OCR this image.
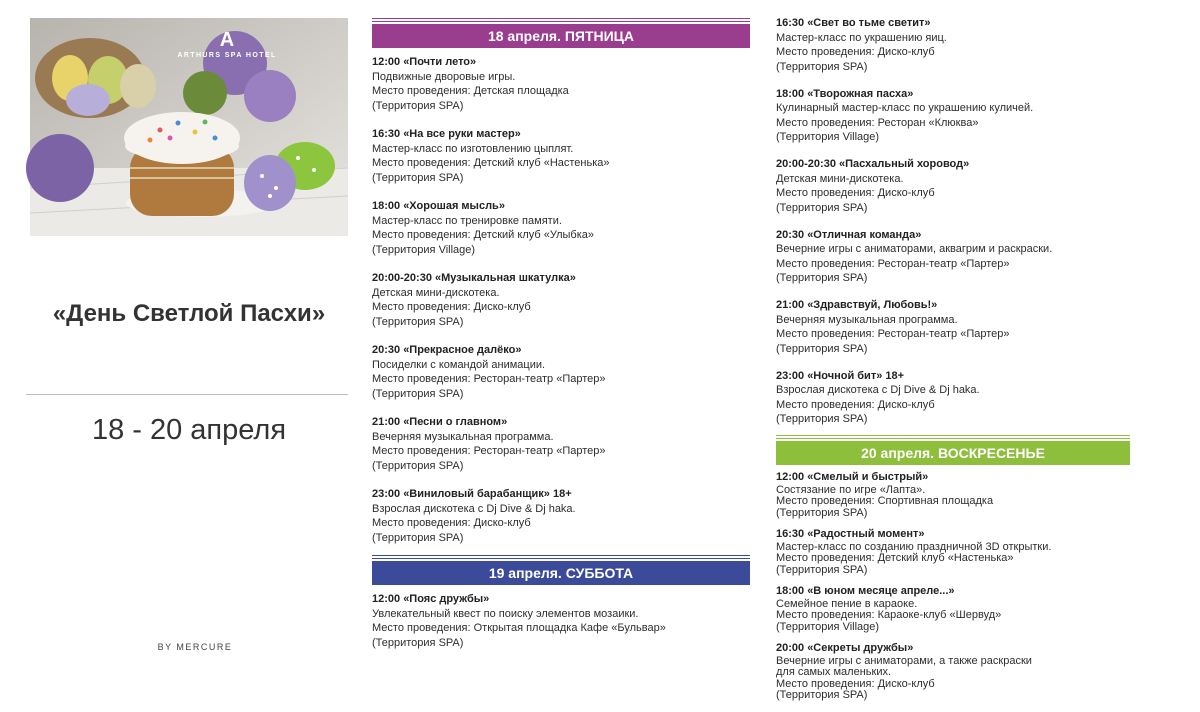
A
ARTHURS SPA HOTEL
«День Светлой Пасхи»
18 - 20 апреля
BY MERCURE
18 апреля. ПЯТНИЦА
12:00 «Почти лето»
Подвижные дворовые игры.
Место проведения: Детская площадка
(Территория SPA)
16:30 «На все руки мастер»
Мастер-класс по изготовлению цыплят.
Место проведения: Детский клуб «Настенька»
(Территория SPA)
18:00 «Хорошая мысль»
Мастер-класс по тренировке памяти.
Место проведения: Детский клуб «Улыбка»
(Территория Village)
20:00-20:30 «Музыкальная шкатулка»
Детская мини-дискотека.
Место проведения: Диско-клуб
(Территория SPA)
20:30 «Прекрасное далёко»
Посиделки с командой анимации.
Место проведения: Ресторан-театр «Партер»
(Территория SPA)
21:00 «Песни о главном»
Вечерняя музыкальная программа.
Место проведения: Ресторан-театр «Партер»
(Территория SPA)
23:00 «Виниловый барабанщик» 18+
Взрослая дискотека с Dj Dive & Dj haka.
Место проведения: Диско-клуб
(Территория SPA)
19 апреля. СУББОТА
12:00 «Пояс дружбы»
Увлекательный квест по поиску элементов мозаики.
Место проведения: Открытая площадка Кафе «Бульвар»
(Территория SPA)
16:30 «Свет во тьме светит»
Мастер-класс по украшению яиц.
Место проведения: Диско-клуб
(Территория SPA)
18:00 «Творожная пасха»
Кулинарный мастер-класс по украшению куличей.
Место проведения: Ресторан «Клюква»
(Территория Village)
20:00-20:30 «Пасхальный хоровод»
Детская мини-дискотека.
Место проведения: Диско-клуб
(Территория SPA)
20:30 «Отличная команда»
Вечерние игры с аниматорами, аквагрим и раскраски.
Место проведения: Ресторан-театр «Партер»
(Территория SPA)
21:00 «Здравствуй, Любовь!»
Вечерняя музыкальная программа.
Место проведения: Ресторан-театр «Партер»
(Территория SPA)
23:00 «Ночной бит» 18+
Взрослая дискотека с Dj Dive & Dj haka.
Место проведения: Диско-клуб
(Территория SPA)
20 апреля. ВОСКРЕСЕНЬЕ
12:00 «Смелый и быстрый»
Состязание по игре «Лапта».
Место проведения: Спортивная площадка
(Территория SPA)
16:30 «Радостный момент»
Мастер-класс по созданию праздничной 3D открытки.
Место проведения: Детский клуб «Настенька»
(Территория SPA)
18:00 «В юном месяце апреле...»
Семейное пение в караоке.
Место проведения: Караоке-клуб «Шервуд»
(Территория Village)
20:00 «Секреты дружбы»
Вечерние игры с аниматорами, а также раскраски
для самых маленьких.
Место проведения: Диско-клуб
(Территория SPA)
